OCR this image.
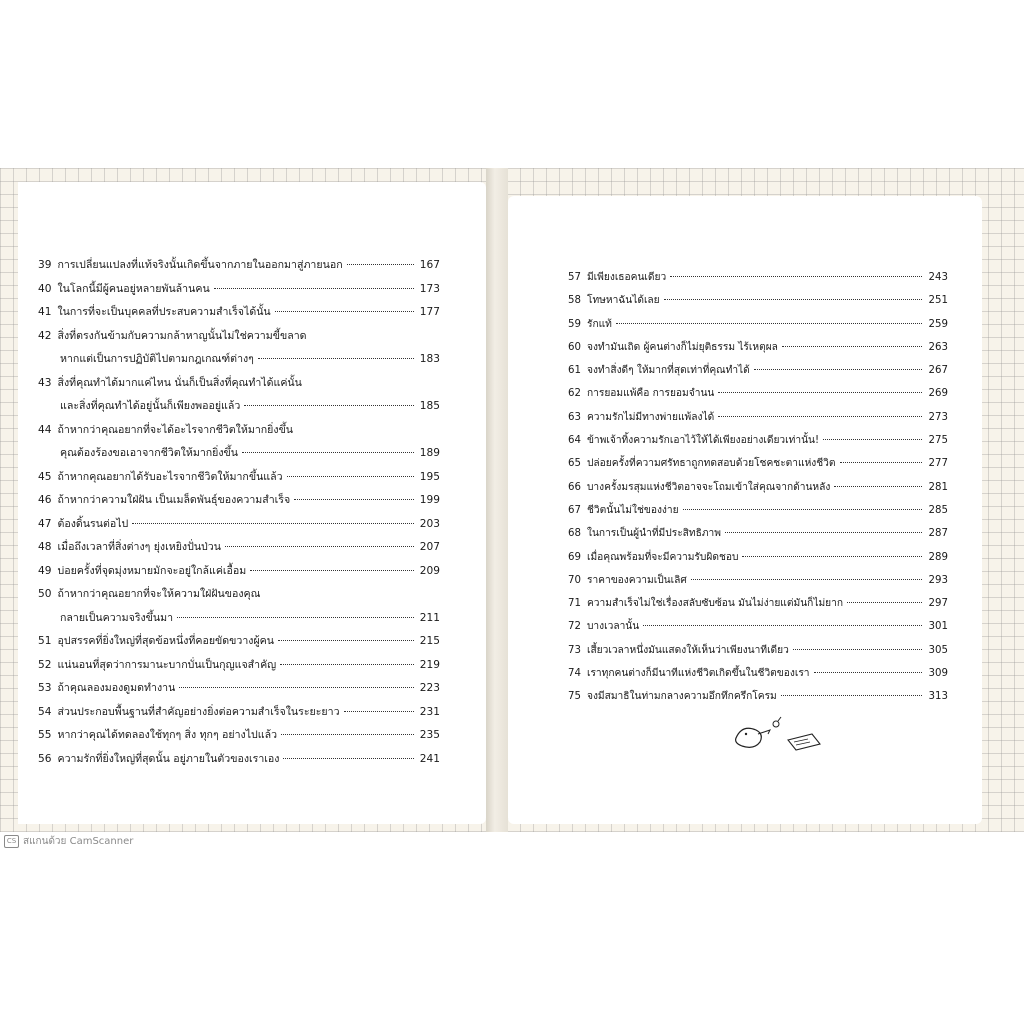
39 การเปลี่ยนแปลงที่แท้จริงนั้นเกิดขึ้นจากภายในออกมาสู่ภายนอก	167
40 ในโลกนี้มีผู้คนอยู่หลายพันล้านคน	173
41 ในการที่จะเป็นบุคคลที่ประสบความสำเร็จได้นั้น	177
42 สิ่งที่ตรงกันข้ามกับความกล้าหาญนั้นไม่ใช่ความขี้ขลาด
หากแต่เป็นการปฏิบัติไปตามกฎเกณฑ์ต่างๆ	183
43 สิ่งที่คุณทำได้มากแค่ไหน นั่นก็เป็นสิ่งที่คุณทำได้แค่นั้น
และสิ่งที่คุณทำได้อยู่นั้นก็เพียงพออยู่แล้ว	185
44 ถ้าหากว่าคุณอยากที่จะได้อะไรจากชีวิตให้มากยิ่งขึ้น
คุณต้องร้องขอเอาจากชีวิตให้มากยิ่งขึ้น	189
45 ถ้าหากคุณอยากได้รับอะไรจากชีวิตให้มากขึ้นแล้ว	195
46 ถ้าหากว่าความใฝ่ฝัน เป็นเมล็ดพันธุ์ของความสำเร็จ	199
47 ต้องดิ้นรนต่อไป	203
48 เมื่อถึงเวลาที่สิ่งต่างๆ ยุ่งเหยิงปั่นป่วน	207
49 บ่อยครั้งที่จุดมุ่งหมายมักจะอยู่ใกล้แค่เอื้อม	209
50 ถ้าหากว่าคุณอยากที่จะให้ความใฝ่ฝันของคุณ
กลายเป็นความจริงขึ้นมา	211
51 อุปสรรคที่ยิ่งใหญ่ที่สุดข้อหนึ่งที่คอยขัดขวางผู้คน	215
52 แน่นอนที่สุดว่าการมานะบากบั่นเป็นกุญแจสำคัญ	219
53 ถ้าคุณลองมองดูมดทำงาน	223
54 ส่วนประกอบพื้นฐานที่สำคัญอย่างยิ่งต่อความสำเร็จในระยะยาว	231
55 หากว่าคุณได้ทดลองใช้ทุกๆ สิ่ง ทุกๆ อย่างไปแล้ว	235
56 ความรักที่ยิ่งใหญ่ที่สุดนั้น อยู่ภายในตัวของเราเอง	241
57 มีเพียงเธอคนเดียว	243
58 โทษหาฉันได้เลย	251
59 รักแท้	259
60 จงทำมันเถิด ผู้คนต่างก็ไม่ยุติธรรม ไร้เหตุผล	263
61 จงทำสิ่งดีๆ ให้มากที่สุดเท่าที่คุณทำได้	267
62 การยอมแพ้คือ การยอมจำนน	269
63 ความรักไม่มีทางพ่ายแพ้ลงได้	273
64 ข้าพเจ้าทิ้งความรักเอาไว้ให้ได้เพียงอย่างเดียวเท่านั้น!	275
65 ปล่อยครั้งที่ความศรัทธาถูกทดสอบด้วยโชคชะตาแห่งชีวิต	277
66 บางครั้งมรสุมแห่งชีวิตอาจจะโถมเข้าใส่คุณจากด้านหลัง	281
67 ชีวิตนั้นไม่ใช่ของง่าย	285
68 ในการเป็นผู้นำที่มีประสิทธิภาพ	287
69 เมื่อคุณพร้อมที่จะมีความรับผิดชอบ	289
70 ราคาของความเป็นเลิศ	293
71 ความสำเร็จไม่ใช่เรื่องสลับซับซ้อน มันไม่ง่ายแต่มันก็ไม่ยาก	297
72 บางเวลานั้น	301
73 เสี้ยวเวลาหนึ่งมันแสดงให้เห็นว่าเพียงนาทีเดียว	305
74 เราทุกคนต่างก็มีนาทีแห่งชีวิตเกิดขึ้นในชีวิตของเรา	309
75 จงมีสมาธิในท่ามกลางความอึกทึกครึกโครม	313
CS สแกนด้วย CamScanner
